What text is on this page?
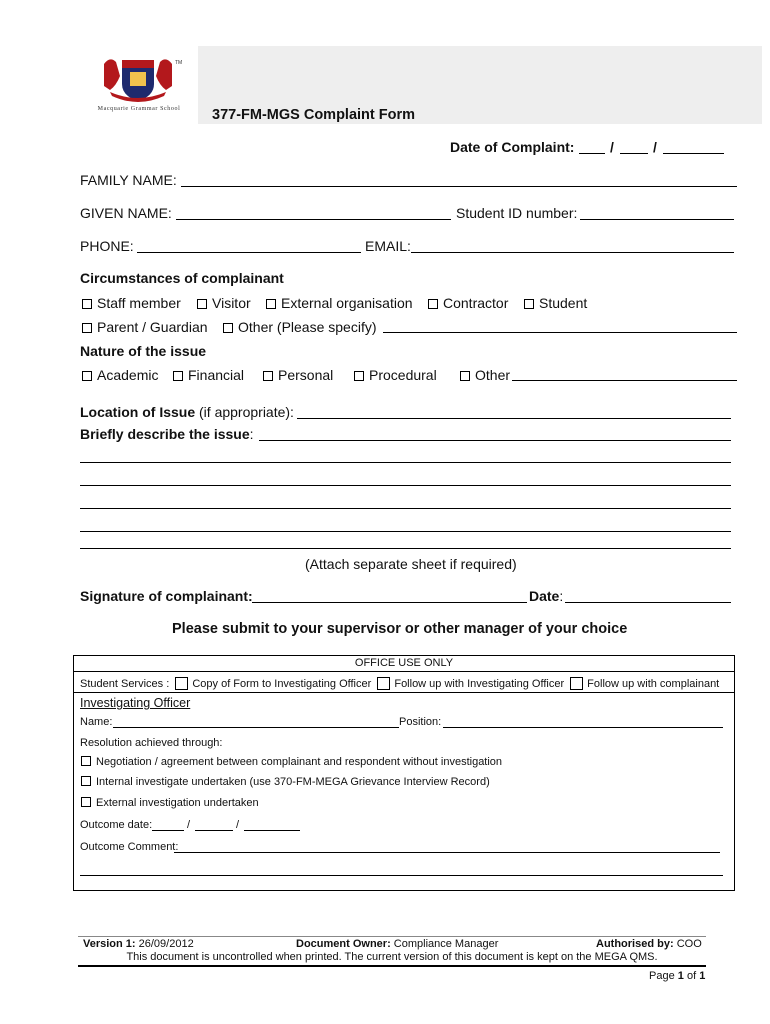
TM
Macquarie Grammar School	377-FM-MGS Complaint Form
Date of Complaint:	/	/
FAMILY NAME:
GIVEN NAME:	Student ID number:
PHONE:	EMAIL:
Circumstances of complainant
Staff member	Visitor	External organisation	Contractor	Student
Parent / Guardian	Other (Please specify)
Nature of the issue
Academic	Financial	Personal	Procedural	Other
Location of Issue (if appropriate):
Briefly describe the issue:
(Attach separate sheet if required)
Signature of complainant:	Date:
Please submit to your supervisor or other manager of your choice
OFFICE USE ONLY
Student Services : Copy of Form to Investigating Officer Follow up with Investigating Officer Follow up with complainant
Investigating Officer
Name:	Position:
Resolution achieved through:
Negotiation / agreement between complainant and respondent without investigation
Internal investigate undertaken (use 370-FM-MEGA Grievance Interview Record)
External investigation undertaken
Outcome date:	/	/
Outcome Comment:
Version 1: 26/09/2012	Document Owner: Compliance Manager	Authorised by: COO
This document is uncontrolled when printed. The current version of this document is kept on the MEGA QMS.
Page 1 of 1
